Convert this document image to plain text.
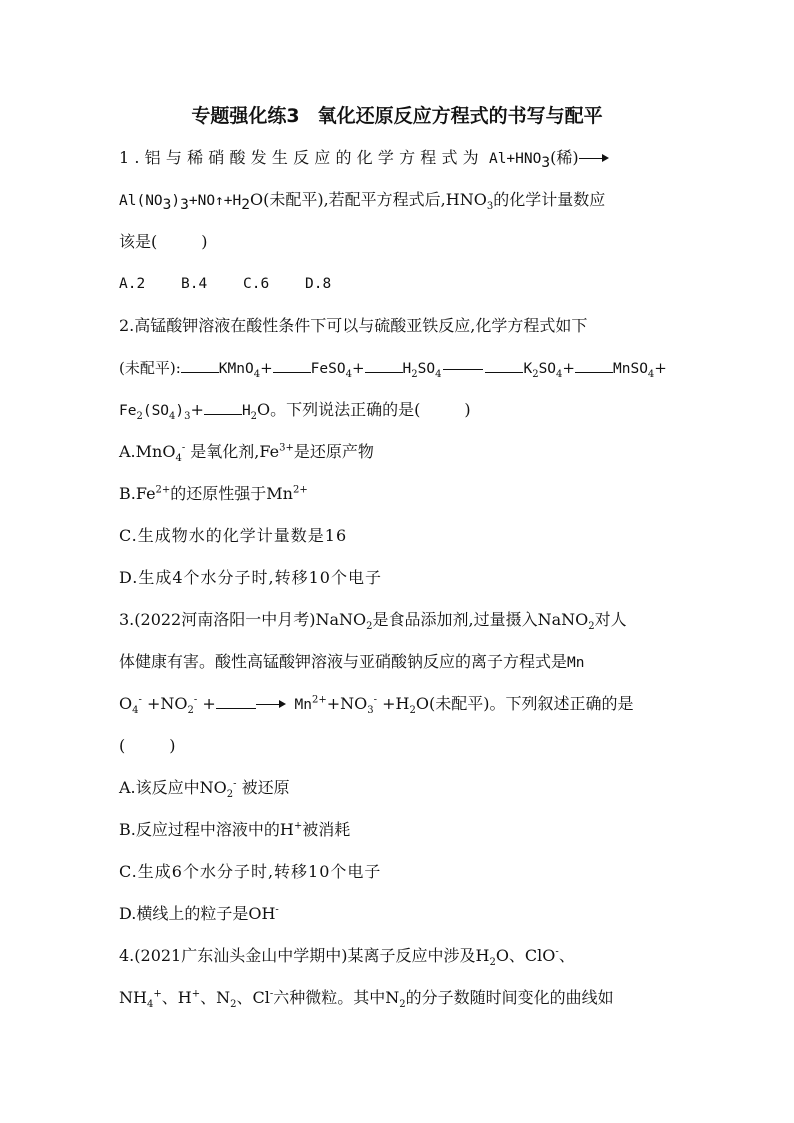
专题强化练3 氧化还原反应方程式的书写与配平
1.铝与稀硝酸发生反应的化学方程式为 $Al+HNO_3$(稀)
$Al(NO_3)_3+NO↑+H_2O$(未配平),若配平方程式后$,HNO_3$的化学计量数应
该是(	)
A.2 B.4 C.6 D.8
2.高锰酸钾溶液在酸性条件下可以与硫酸亚铁反应,化学方程式如下
(未配平):	KMnO$_4$+	FeSO$_4$+	$H_2SO_4$	$K_2SO_4+$	MnSO$_4$+
$Fe_2(SO_4)_3+$	$H_2O$。下列说法正确的是(	)
A.MnO$_4$- 是氧化剂$,Fe^{3+}$是还原产物
$B.Fe^{2+}$的还原性强于$Mn^{2+}$
C.生成物水的化学计量数是16
D.生成4个水分子时,转移10个电子
3.(2022河南洛阳一中月考)NaNO$_2$是食品添加剂,过量摄入NaNO$_2$对人
体健康有害。酸性高锰酸钾溶液与亚硝酸钠反应的离子方程式是Mn
$O_4^- +NO_2^-$ +	$Mn^{2+}+NO_3^- +H_2O$(未配平)。下列叙述正确的是
(	)
A.该反应中$NO_2^-$ 被还原
B.反应过程中溶液中的H+被消耗
C.生成6个水分子时,转移10个电子
D.横线上的粒子是OH-
4.(2021广东汕头金山中学期中)某离子反应中涉及$H_2O$、ClO-、
$NH_4^+$、H+、$N_2$、Cl-六种微粒。其中$N_2$的分子数随时间变化的曲线如
